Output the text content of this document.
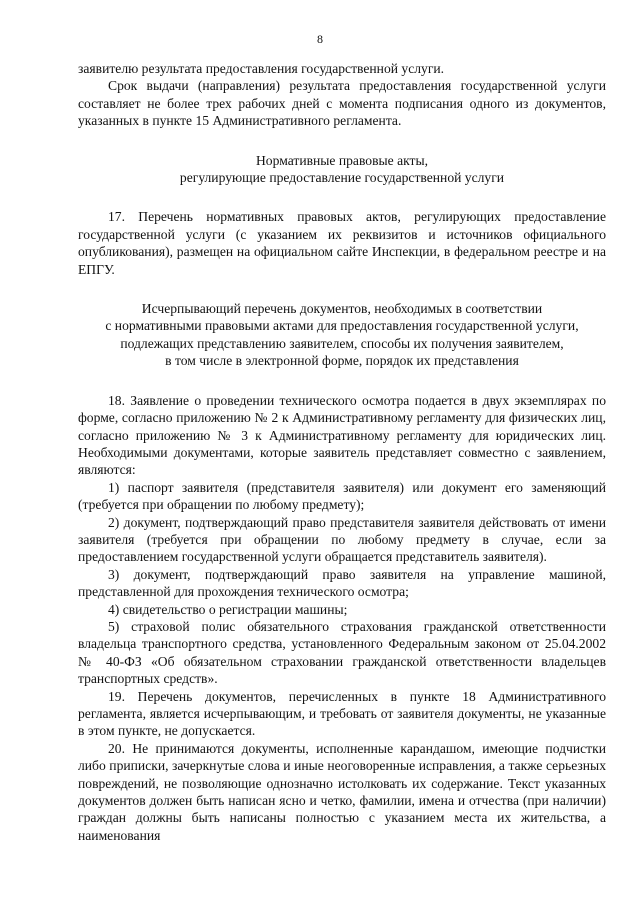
8

заявителю результата предоставления государственной услуги.

Срок выдачи (направления) результата предоставления государственной услуги составляет не более трех рабочих дней с момента подписания одного из документов, указанных в пункте 15 Административного регламента.

Нормативные правовые акты,
регулирующие предоставление государственной услуги

17. Перечень нормативных правовых актов, регулирующих предоставление государственной услуги (с указанием их реквизитов и источников официального опубликования), размещен на официальном сайте Инспекции, в федеральном реестре и на ЕПГУ.

Исчерпывающий перечень документов, необходимых в соответствии
с нормативными правовыми актами для предоставления государственной услуги,
подлежащих представлению заявителем, способы их получения заявителем,
в том числе в электронной форме, порядок их представления

18. Заявление о проведении технического осмотра подается в двух экземплярах по форме, согласно приложению № 2 к Административному регламенту для физических лиц, согласно приложению № 3 к Административному регламенту для юридических лиц. Необходимыми документами, которые заявитель представляет совместно с заявлением, являются:

1) паспорт заявителя (представителя заявителя) или документ его заменяющий (требуется при обращении по любому предмету);

2) документ, подтверждающий право представителя заявителя действовать от имени заявителя (требуется при обращении по любому предмету в случае, если за предоставлением государственной услуги обращается представитель заявителя).

3) документ, подтверждающий право заявителя на управление машиной, представленной для прохождения технического осмотра;

4) свидетельство о регистрации машины;

5) страховой полис обязательного страхования гражданской ответственности владельца транспортного средства, установленного Федеральным законом от 25.04.2002 № 40-ФЗ «Об обязательном страховании гражданской ответственности владельцев транспортных средств».

19. Перечень документов, перечисленных в пункте 18 Административного регламента, является исчерпывающим, и требовать от заявителя документы, не указанные в этом пункте, не допускается.

20. Не принимаются документы, исполненные карандашом, имеющие подчистки либо приписки, зачеркнутые слова и иные неоговоренные исправления, а также серьезных повреждений, не позволяющие однозначно истолковать их содержание. Текст указанных документов должен быть написан ясно и четко, фамилии, имена и отчества (при наличии) граждан должны быть написаны полностью с указанием места их жительства, а наименования
